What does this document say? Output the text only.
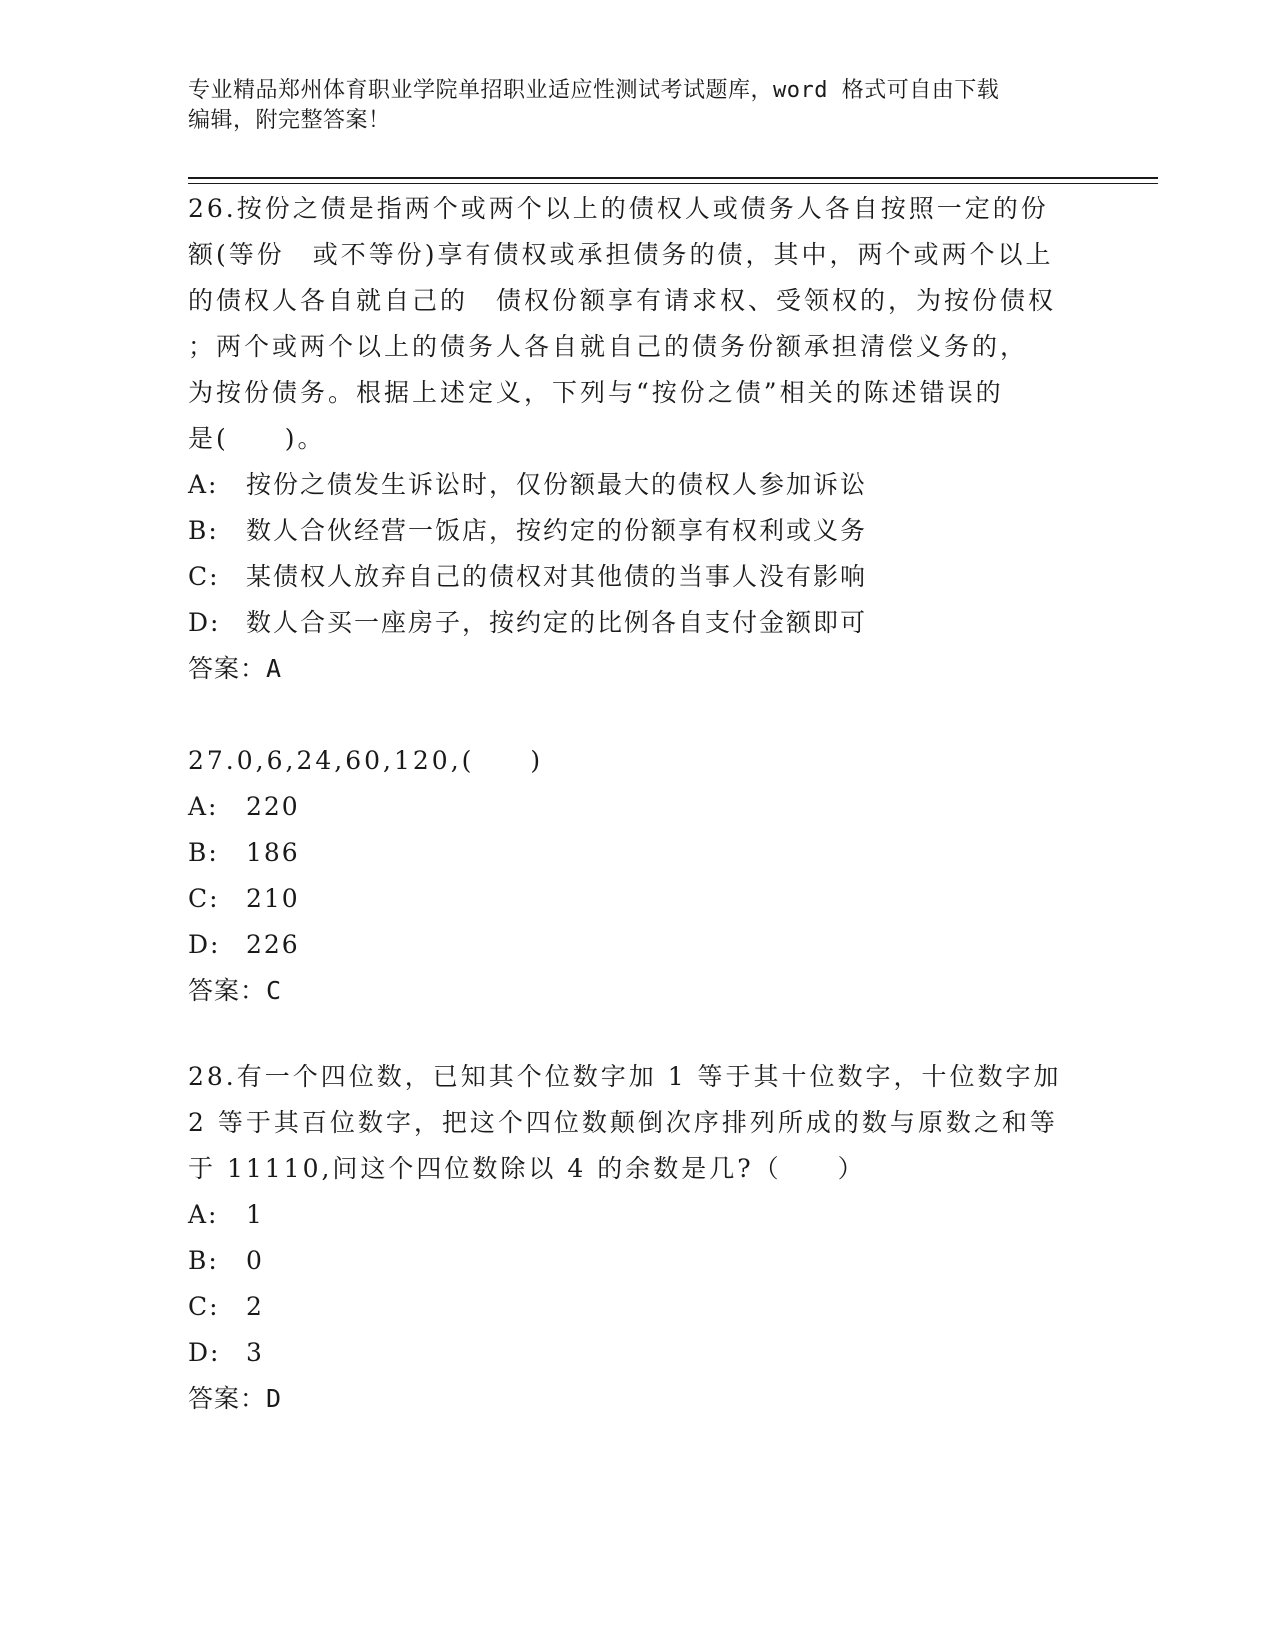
专业精品郑州体育职业学院单招职业适应性测试考试题库，word 格式可自由下载
编辑，附完整答案！
26.按份之债是指两个或两个以上的债权人或债务人各自按照一定的份
额(等份　或不等份)享有债权或承担债务的债，其中，两个或两个以上
的债权人各自就自己的　债权份额享有请求权、受领权的，为按份债权
；两个或两个以上的债务人各自就自己的债务份额承担清偿义务的，
为按份债务。根据上述定义，下列与“按份之债”相关的陈述错误的
是(　　)。
A: 按份之债发生诉讼时，仅份额最大的债权人参加诉讼
B: 数人合伙经营一饭店，按约定的份额享有权利或义务
C: 某债权人放弃自己的债权对其他债的当事人没有影响
D: 数人合买一座房子，按约定的比例各自支付金额即可
答案：A
27.0,6,24,60,120,(　　)
A: 220
B: 186
C: 210
D: 226
答案：C
28.有一个四位数，已知其个位数字加 1 等于其十位数字，十位数字加
2 等于其百位数字，把这个四位数颠倒次序排列所成的数与原数之和等
于 11110,问这个四位数除以 4 的余数是几?（　　）
A: 1
B: 0
C: 2
D: 3
答案：D
